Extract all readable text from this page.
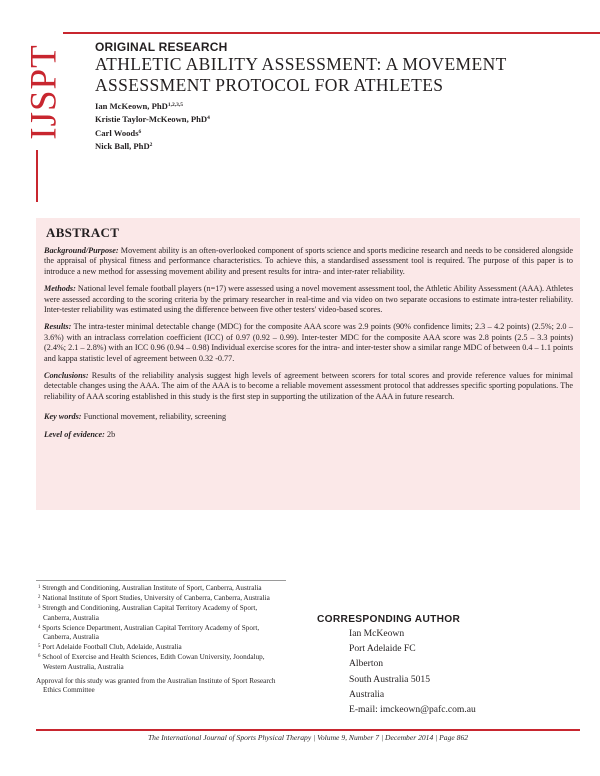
IJSPT	ORIGINAL RESEARCH
ATHLETIC ABILITY ASSESSMENT: A MOVEMENT ASSESSMENT PROTOCOL FOR ATHLETES
Ian McKeown, PhD$^{1,2,3,5}$
Kristie Taylor-McKeown, PhD$^4$
Carl Woods$^6$
Nick Ball, PhD$^2$
ABSTRACT

Background/Purpose: Movement ability is an often-overlooked component of sports science and sports medicine research and needs to be considered alongside the appraisal of physical fitness and performance characteristics. To achieve this, a standardised assessment tool is required. The purpose of this paper is to introduce a new method for assessing movement ability and present results for intra- and inter-rater reliability.

Methods: National level female football players (n=17) were assessed using a novel movement assessment tool, the Athletic Ability Assessment (AAA). Athletes were assessed according to the scoring criteria by the primary researcher in real-time and via video on two separate occasions to estimate intra-tester reliability. Inter-tester reliability was estimated using the difference between five other testers' video-based scores.

Results: The intra-tester minimal detectable change (MDC) for the composite AAA score was 2.9 points (90% confidence limits; 2.3 – 4.2 points) (2.5%; 2.0 – 3.6%) with an intraclass correlation coefficient (ICC) of 0.97 (0.92 – 0.99). Inter-tester MDC for the composite AAA score was 2.8 points (2.5 – 3.3 points) (2.4%; 2.1 – 2.8%) with an ICC 0.96 (0.94 – 0.98) Individual exercise scores for the intra- and inter-tester show a similar range MDC of between 0.4 – 1.1 points and kappa statistic level of agreement between 0.32 -0.77.

Conclusions: Results of the reliability analysis suggest high levels of agreement between scorers for total scores and provide reference values for minimal detectable changes using the AAA. The aim of the AAA is to become a reliable movement assessment protocol that addresses specific sporting populations. The reliability of AAA scoring established in this study is the first step in supporting the utilization of the AAA in future research.

Key words: Functional movement, reliability, screening

Level of evidence: 2b

$^1$ Strength and Conditioning, Australian Institute of Sport, Canberra, Australia
$^2$ National Institute of Sport Studies, University of Canberra, Canberra, Australia
$^3$ Strength and Conditioning, Australian Capital Territory Academy of Sport, Canberra, Australia
$^4$ Sports Science Department, Australian Capital Territory Academy of Sport, Canberra, Australia
$^5$ Port Adelaide Football Club, Adelaide, Australia
$^6$ School of Exercise and Health Sciences, Edith Cowan University, Joondalup, Western Australia, Australia
Approval for this study was granted from the Australian Institute of Sport Research Ethics Committee
CORRESPONDING AUTHOR
Ian McKeown
Port Adelaide FC
Alberton
South Australia 5015
Australia
E-mail: imckeown@pafc.com.au
The International Journal of Sports Physical Therapy | Volume 9, Number 7 | December 2014 | Page 862
